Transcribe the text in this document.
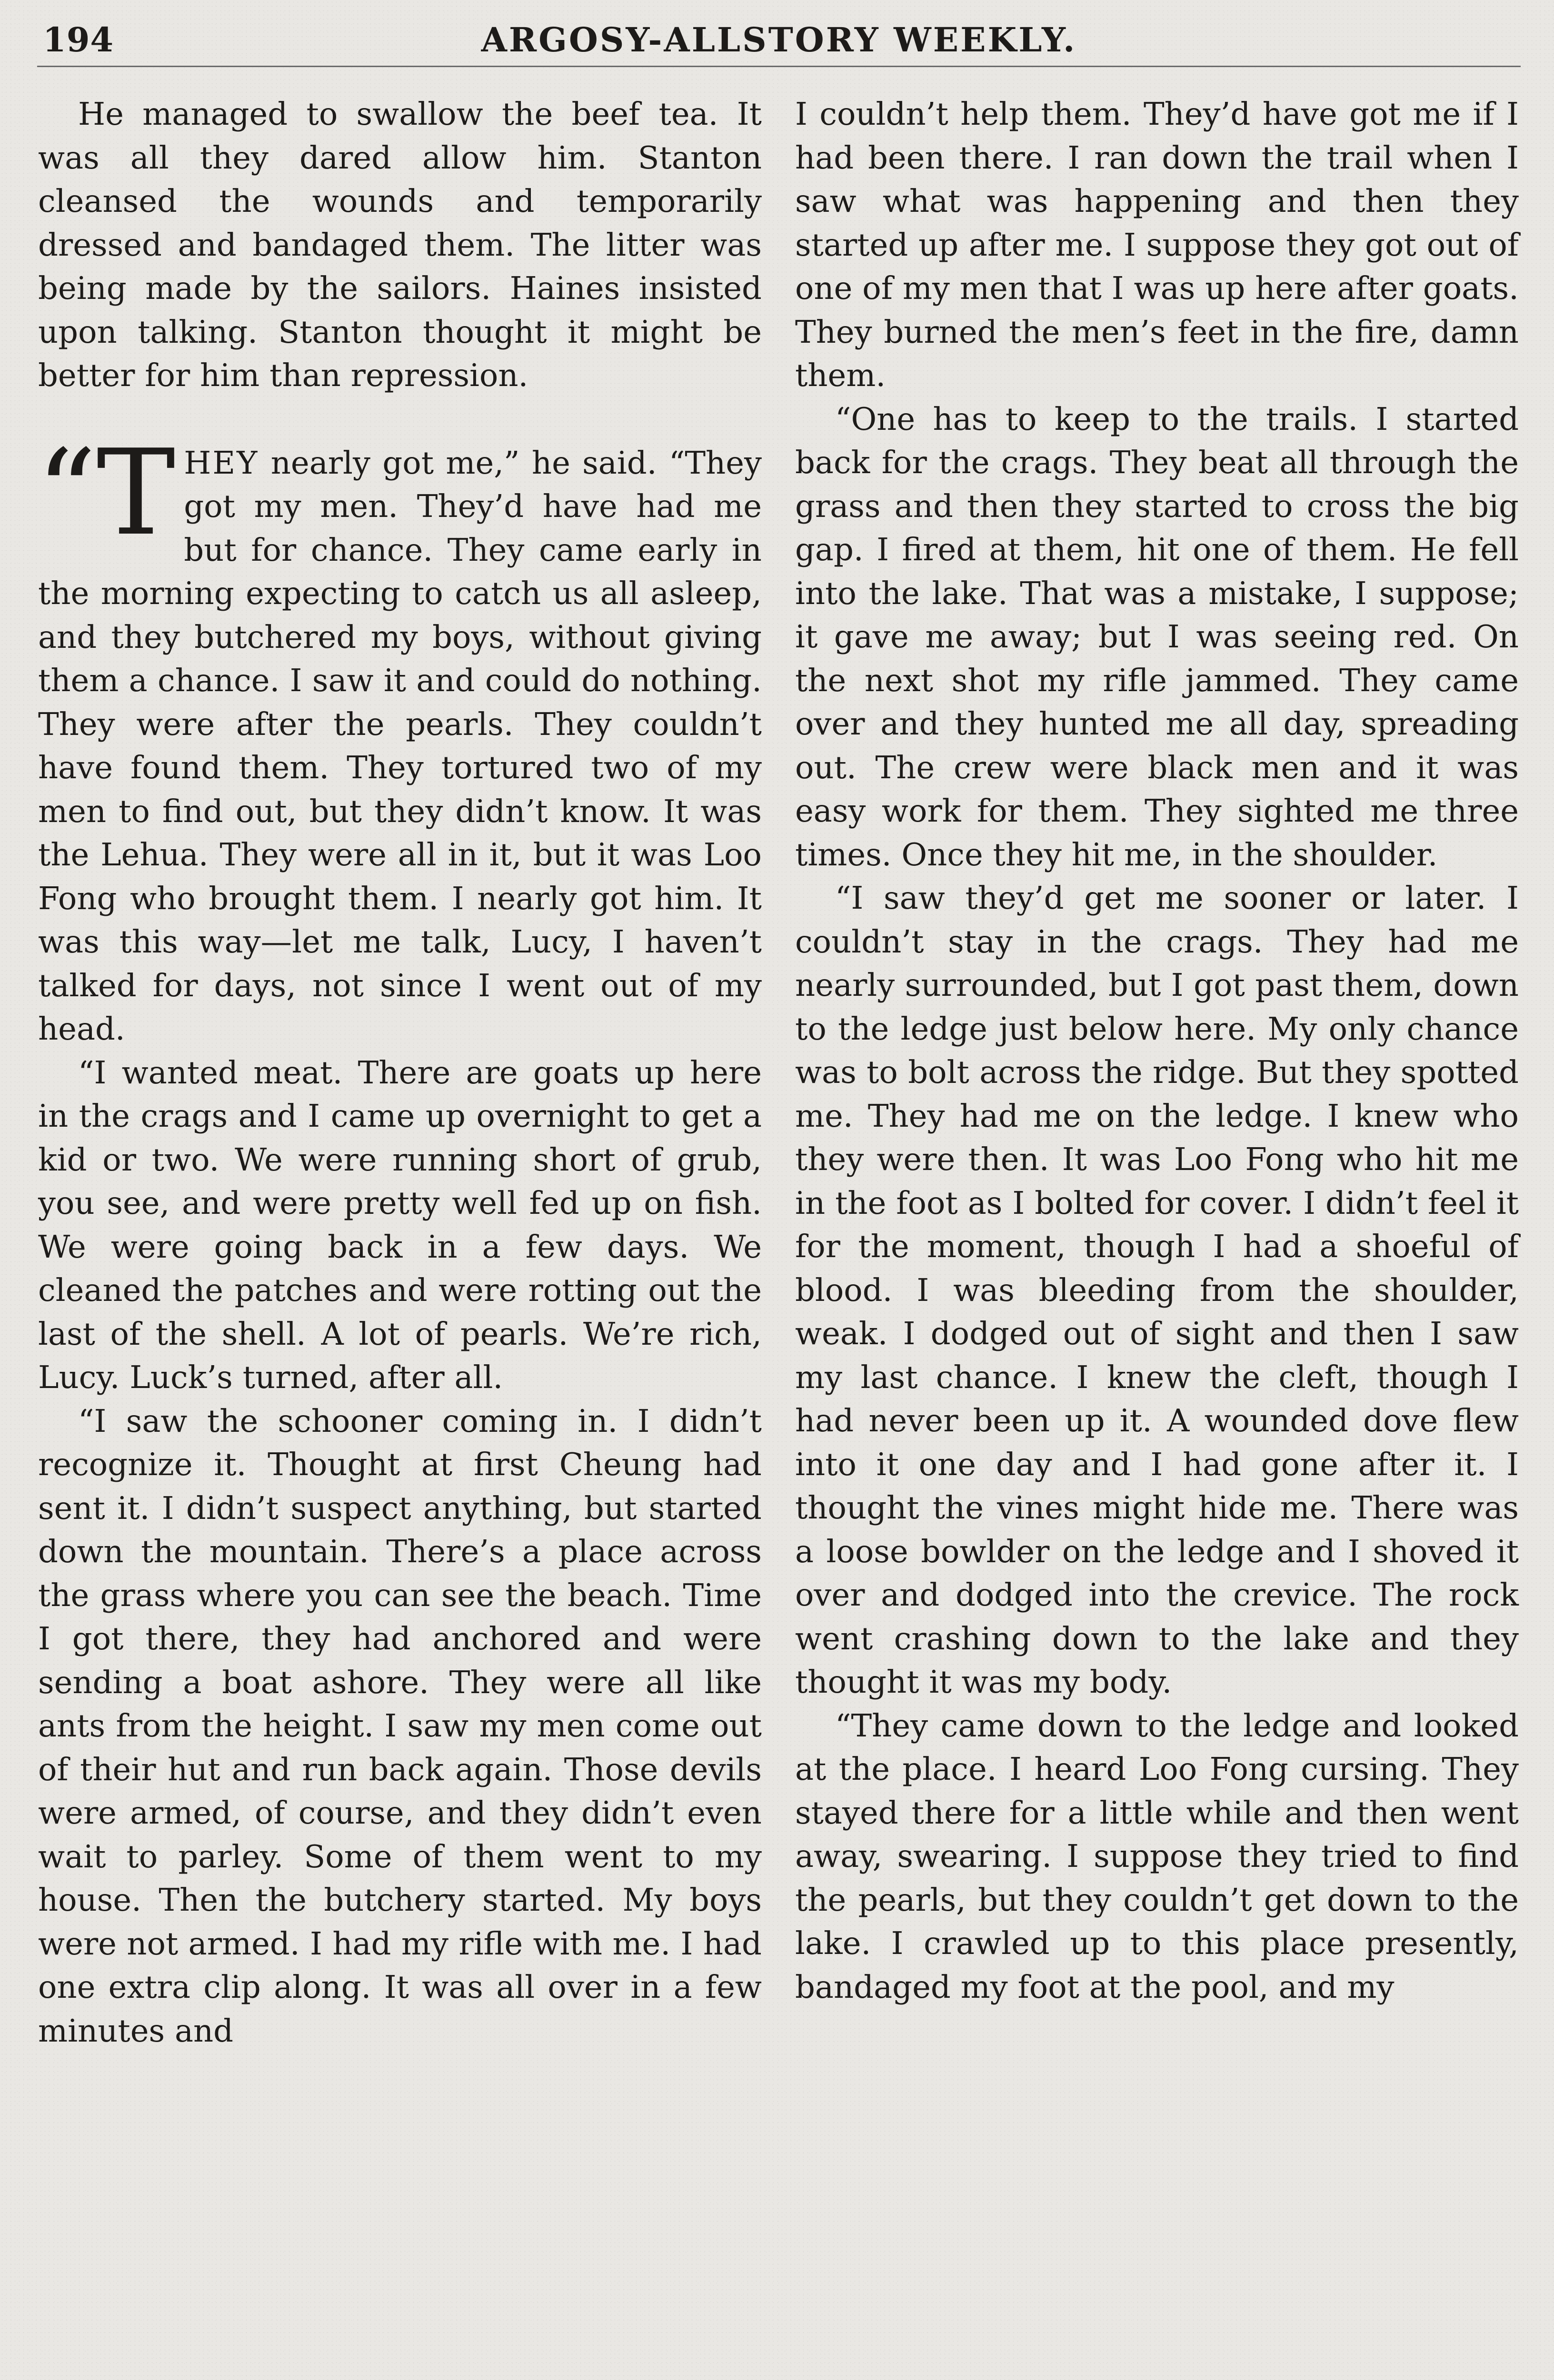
194	ARGOSY-ALLSTORY WEEKLY.

He managed to swallow the beef tea. It was all they dared allow him. Stanton cleansed the wounds and temporarily dressed and bandaged them. The litter was being made by the sailors. Haines insisted upon talking. Stanton thought it might be better for him than repression.

“T HEY nearly got me,” he said. “They got my men. They’d have had me but for chance. They came early in the morning expecting to catch us all asleep, and they butchered my boys, without giving them a chance. I saw it and could do nothing. They were after the pearls. They couldn’t have found them. They tortured two of my men to find out, but they didn’t know. It was the Lehua. They were all in it, but it was Loo Fong who brought them. I nearly got him. It was this way—let me talk, Lucy, I haven’t talked for days, not since I went out of my head.

“I wanted meat. There are goats up here in the crags and I came up overnight to get a kid or two. We were running short of grub, you see, and were pretty well fed up on fish. We were going back in a few days. We cleaned the patches and were rotting out the last of the shell. A lot of pearls. We’re rich, Lucy. Luck’s turned, after all.

“I saw the schooner coming in. I didn’t recognize it. Thought at first Cheung had sent it. I didn’t suspect anything, but started down the mountain. There’s a place across the grass where you can see the beach. Time I got there, they had anchored and were sending a boat ashore. They were all like ants from the height. I saw my men come out of their hut and run back again. Those devils were armed, of course, and they didn’t even wait to parley. Some of them went to my house. Then the butchery started. My boys were not armed. I had my rifle with me. I had one extra clip along. It was all over in a few minutes and

I couldn’t help them. They’d have got me if I had been there. I ran down the trail when I saw what was happening and then they started up after me. I suppose they got out of one of my men that I was up here after goats. They burned the men’s feet in the fire, damn them.

“One has to keep to the trails. I started back for the crags. They beat all through the grass and then they started to cross the big gap. I fired at them, hit one of them. He fell into the lake. That was a mistake, I suppose; it gave me away; but I was seeing red. On the next shot my rifle jammed. They came over and they hunted me all day, spreading out. The crew were black men and it was easy work for them. They sighted me three times. Once they hit me, in the shoulder.

“I saw they’d get me sooner or later. I couldn’t stay in the crags. They had me nearly surrounded, but I got past them, down to the ledge just below here. My only chance was to bolt across the ridge. But they spotted me. They had me on the ledge. I knew who they were then. It was Loo Fong who hit me in the foot as I bolted for cover. I didn’t feel it for the moment, though I had a shoeful of blood. I was bleeding from the shoulder, weak. I dodged out of sight and then I saw my last chance. I knew the cleft, though I had never been up it. A wounded dove flew into it one day and I had gone after it. I thought the vines might hide me. There was a loose bowlder on the ledge and I shoved it over and dodged into the crevice. The rock went crashing down to the lake and they thought it was my body.

“They came down to the ledge and looked at the place. I heard Loo Fong cursing. They stayed there for a little while and then went away, swearing. I suppose they tried to find the pearls, but they couldn’t get down to the lake. I crawled up to this place presently, bandaged my foot at the pool, and my
